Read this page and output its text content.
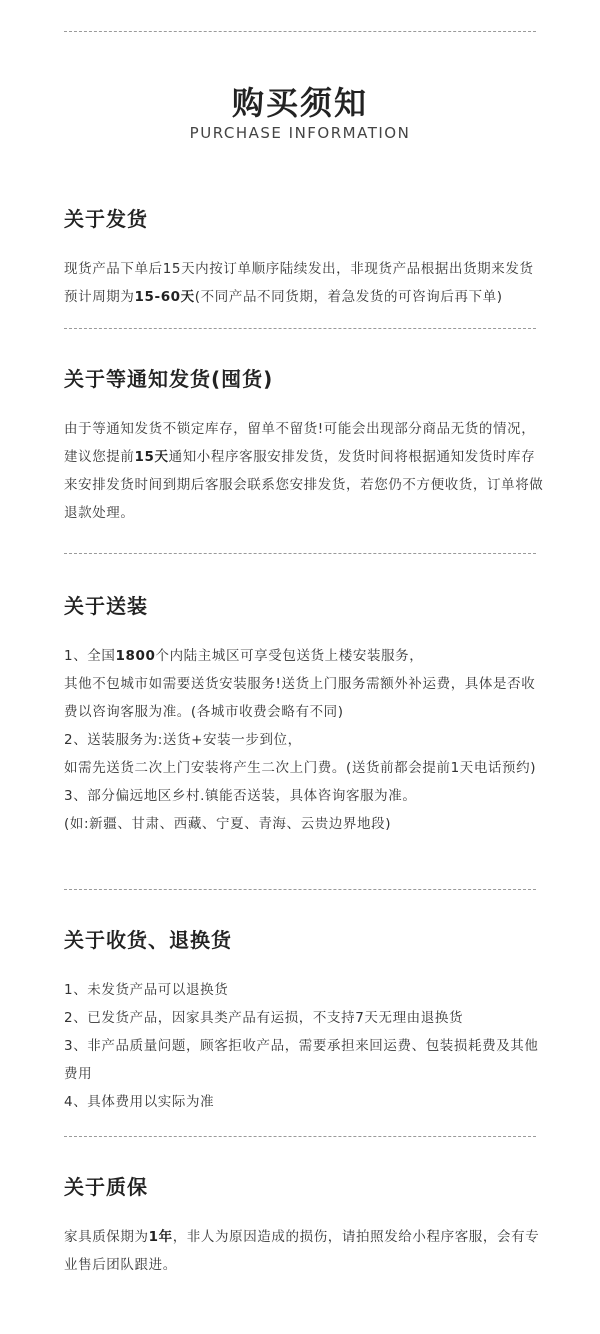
购买须知
PURCHASE INFORMATION
关于发货

现货产品下单后15天内按订单顺序陆续发出，非现货产品根据出货期来发货预计周期为15-60天(不同产品不同货期，着急发货的可咨询后再下单)

关于等通知发货(囤货)

由于等通知发货不锁定库存，留单不留货!可能会出现部分商品无货的情况，建议您提前15天通知小程序客服安排发货，发货时间将根据通知发货时库存来安排发货时间到期后客服会联系您安排发货，若您仍不方便收货，订单将做退款处理。

关于送装

1、全国1800个内陆主城区可享受包送货上楼安装服务，

其他不包城市如需要送货安装服务!送货上门服务需额外补运费，具体是否收费以咨询客服为准。(各城市收费会略有不同)

2、送装服务为:送货+安装一步到位，

如需先送货二次上门安装将产生二次上门费。(送货前都会提前1天电话预约)

3、部分偏远地区乡村.镇能否送装，具体咨询客服为准。

(如:新疆、甘肃、西藏、宁夏、青海、云贵边界地段)

关于收货、退换货

1、未发货产品可以退换货

2、已发货产品，因家具类产品有运损，不支持7天无理由退换货

3、非产品质量问题，顾客拒收产品，需要承担来回运费、包装损耗费及其他费用

4、具体费用以实际为准

关于质保

家具质保期为1年，非人为原因造成的损伤，请拍照发给小程序客服，会有专业售后团队跟进。
